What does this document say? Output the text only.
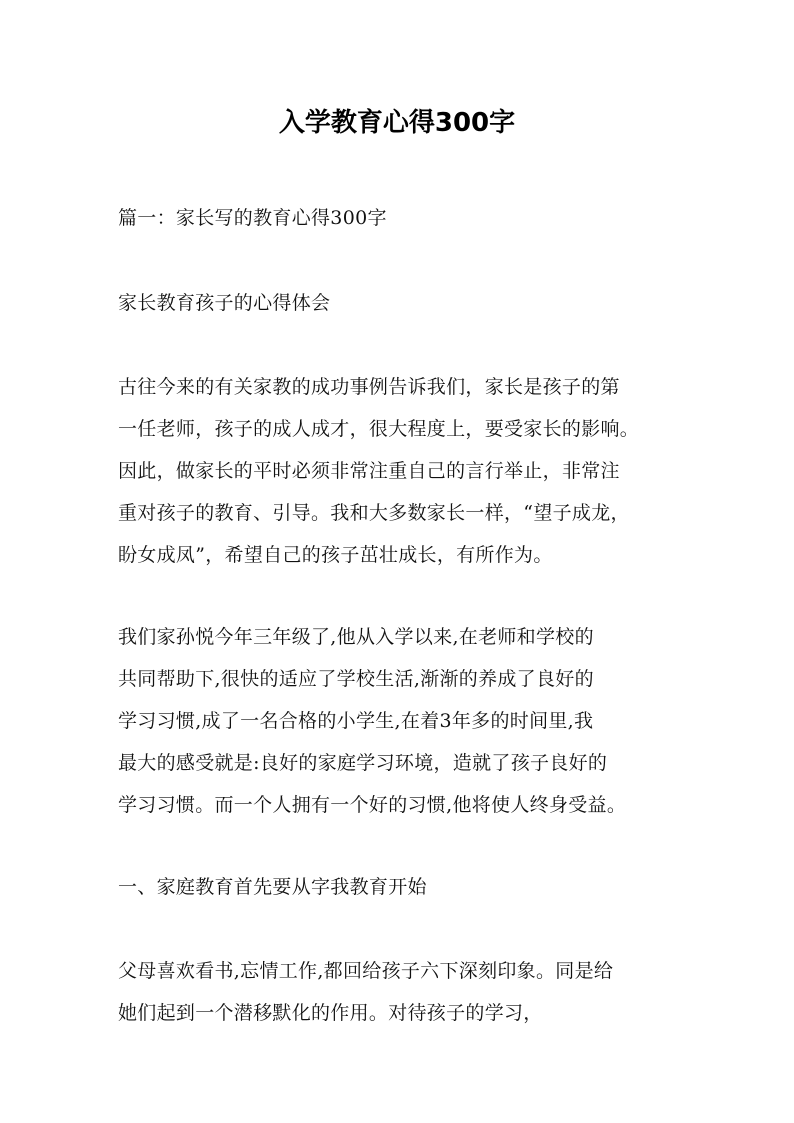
入学教育心得300字

篇一：家长写的教育心得300字

家长教育孩子的心得体会

古往今来的有关家教的成功事例告诉我们，家长是孩子的第
一任老师，孩子的成人成才，很大程度上，要受家长的影响。
因此，做家长的平时必须非常注重自己的言行举止，非常注
重对孩子的教育、引导。我和大多数家长一样，“望子成龙，
盼女成凤”，希望自己的孩子茁壮成长，有所作为。

我们家孙悦今年三年级了,他从入学以来,在老师和学校的
共同帮助下,很快的适应了学校生活,渐渐的养成了良好的
学习习惯,成了一名合格的小学生,在着3年多的时间里,我
最大的感受就是:良好的家庭学习环境，造就了孩子良好的
学习习惯。而一个人拥有一个好的习惯,他将使人终身受益。

一、家庭教育首先要从字我教育开始

父母喜欢看书,忘情工作,都回给孩子六下深刻印象。同是给
她们起到一个潜移默化的作用。对待孩子的学习，
